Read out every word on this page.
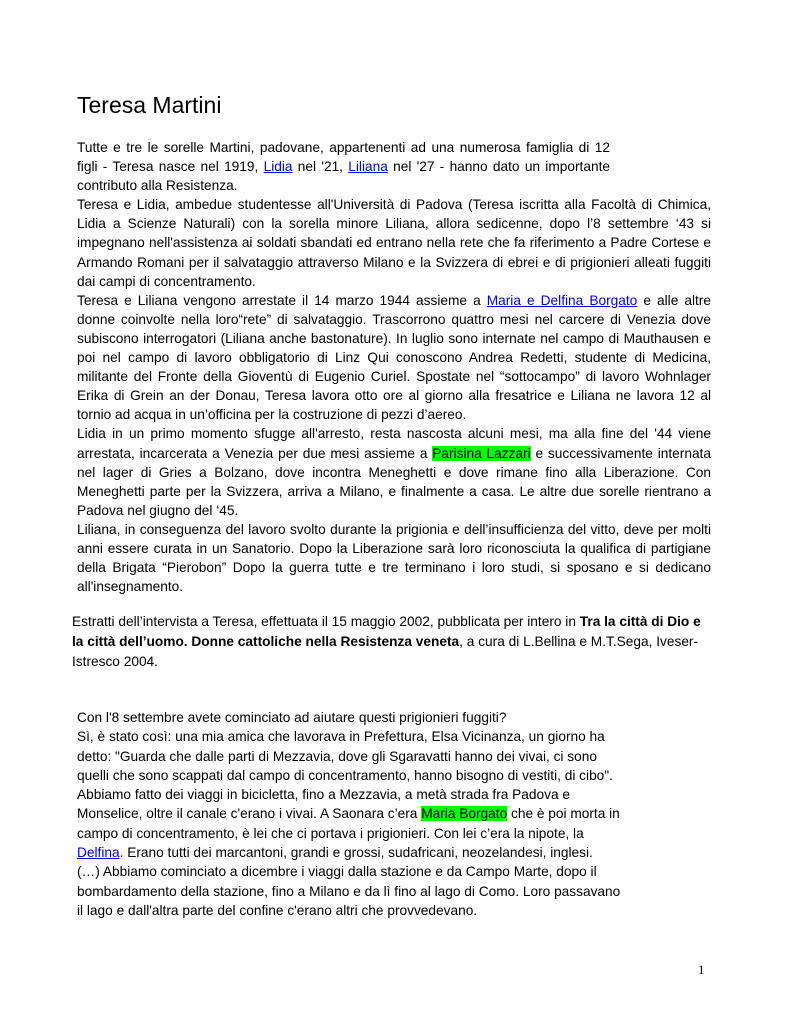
Teresa Martini

Tutte e tre le sorelle Martini, padovane, appartenenti ad una numerosa famiglia di 12 figli - Teresa nasce nel 1919, Lidia nel '21, Liliana nel '27 - hanno dato un importante contributo alla Resistenza.

Teresa e Lidia, ambedue studentesse all'Università di Padova (Teresa iscritta alla Facoltà di Chimica, Lidia a Scienze Naturali) con la sorella minore Liliana, allora sedicenne, dopo l’8 settembre ‘43 si impegnano nell'assistenza ai soldati sbandati ed entrano nella rete che fa riferimento a Padre Cortese e Armando Romani per il salvataggio attraverso Milano e la Svizzera di ebrei e di prigionieri alleati fuggiti dai campi di concentramento.

Teresa e Liliana vengono arrestate il 14 marzo 1944 assieme a Maria e Delfina Borgato e alle altre donne coinvolte nella loro“rete” di salvataggio. Trascorrono quattro mesi nel carcere di Venezia dove subiscono interrogatori (Liliana anche bastonature). In luglio sono internate nel campo di Mauthausen e poi nel campo di lavoro obbligatorio di Linz Qui conoscono Andrea Redetti, studente di Medicina, militante del Fronte della Gioventù di Eugenio Curiel. Spostate nel “sottocampo” di lavoro Wohnlager Erika di Grein an der Donau, Teresa lavora otto ore al giorno alla fresatrice e Liliana ne lavora 12 al tornio ad acqua in un’officina per la costruzione di pezzi d’aereo.

Lidia in un primo momento sfugge all'arresto, resta nascosta alcuni mesi, ma alla fine del '44 viene arrestata, incarcerata a Venezia per due mesi assieme a Parisina Lazzari e successivamente internata nel lager di Gries a Bolzano, dove incontra Meneghetti e dove rimane fino alla Liberazione. Con Meneghetti parte per la Svizzera, arriva a Milano, e finalmente a casa. Le altre due sorelle rientrano a Padova nel giugno del ‘45.

Liliana, in conseguenza del lavoro svolto durante la prigionia e dell’insufficienza del vitto, deve per molti anni essere curata in un Sanatorio. Dopo la Liberazione sarà loro riconosciuta la qualifica di partigiane della Brigata “Pierobon” Dopo la guerra tutte e tre terminano i loro studi, si sposano e si dedicano all'insegnamento.

Estratti dell’intervista a Teresa, effettuata il 15 maggio 2002, pubblicata per intero in Tra la città di Dio e la città dell’uomo. Donne cattoliche nella Resistenza veneta, a cura di L.Bellina e M.T.Sega, Iveser-Istresco 2004.

Con l'8 settembre avete cominciato ad aiutare questi prigionieri fuggiti?

Sì, è stato così: una mia amica che lavorava in Prefettura, Elsa Vicinanza, un giorno ha detto: "Guarda che dalle parti di Mezzavia, dove gli Sgaravatti hanno dei vivai, ci sono quelli che sono scappati dal campo di concentramento, hanno bisogno di vestiti, di cibo". Abbiamo fatto dei viaggi in bicicletta, fino a Mezzavia, a metà strada fra Padova e Monselice, oltre il canale c'erano i vivai. A Saonara c’era Maria Borgato che è poi morta in campo di concentramento, è lei che ci portava i prigionieri. Con lei c’era la nipote, la Delfina. Erano tutti dei marcantoni, grandi e grossi, sudafricani, neozelandesi, inglesi.

(…) Abbiamo cominciato a dicembre i viaggi dalla stazione e da Campo Marte, dopo il bombardamento della stazione, fino a Milano e da lì fino al lago di Como. Loro passavano il lago e dall'altra parte del confine c'erano altri che provvedevano.

1
